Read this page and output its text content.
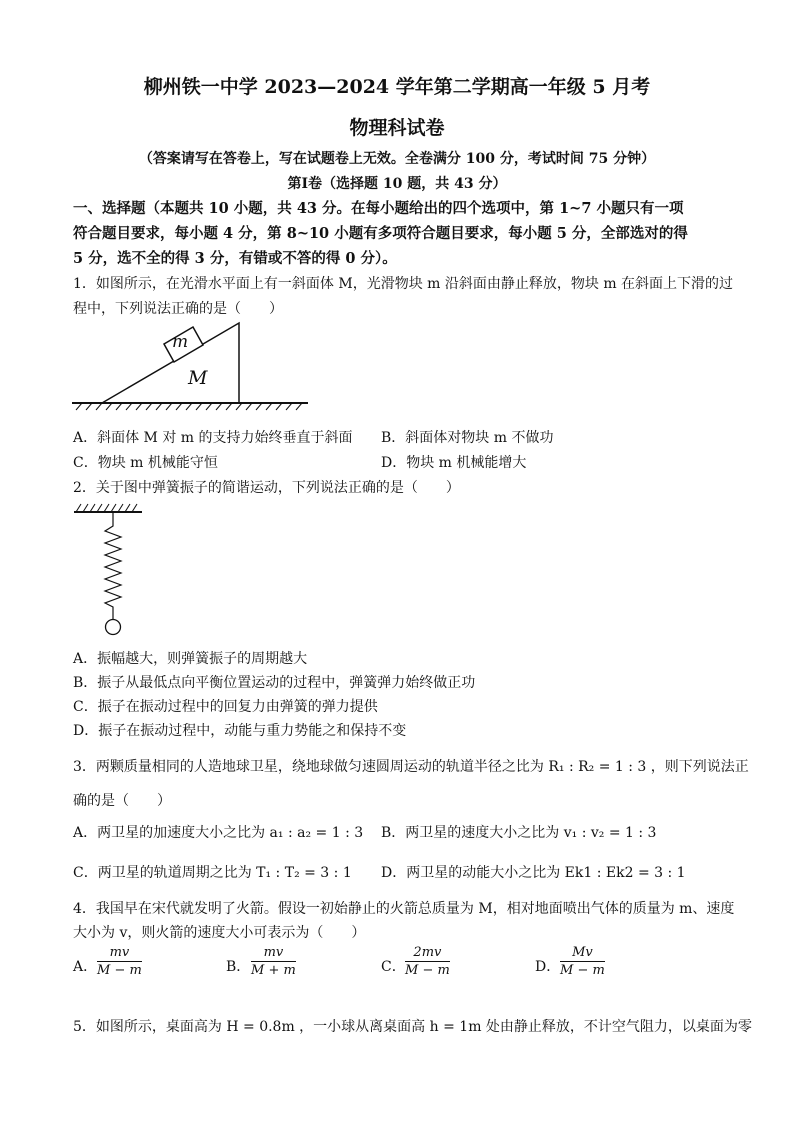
柳州铁一中学 2023—2024 学年第二学期高一年级 5 月考
物理科试卷
（答案请写在答卷上，写在试题卷上无效。全卷满分 100 分，考试时间 75 分钟）
第Ⅰ卷（选择题 10 题，共 43 分）
一、选择题（本题共 10 小题，共 43 分。在每小题给出的四个选项中，第 1~7 小题只有一项
符合题目要求，每小题 4 分，第 8~10 小题有多项符合题目要求，每小题 5 分，全部选对的得
5 分，选不全的得 3 分，有错或不答的得 0 分）。
1．如图所示，在光滑水平面上有一斜面体 M，光滑物块 m 沿斜面由静止释放，物块 m 在斜面上下滑的过
程中，下列说法正确的是（　　）
m
M
A．斜面体 M 对 m 的支持力始终垂直于斜面 B．斜面体对物块 m 不做功
C．物块 m 机械能守恒	D．物块 m 机械能增大
2．关于图中弹簧振子的简谐运动，下列说法正确的是（　　）
A．振幅越大，则弹簧振子的周期越大
B．振子从最低点向平衡位置运动的过程中，弹簧弹力始终做正功
C．振子在振动过程中的回复力由弹簧的弹力提供
D．振子在振动过程中，动能与重力势能之和保持不变
3．两颗质量相同的人造地球卫星，绕地球做匀速圆周运动的轨道半径之比为 R₁ : R₂ = 1 : 3 ，则下列说法正
确的是（　　）
A．两卫星的加速度大小之比为 a₁ : a₂ = 1 : 3 B．两卫星的速度大小之比为 v₁ : v₂ = 1 : 3
C．两卫星的轨道周期之比为 T₁ : T₂ = 3 : 1 D．两卫星的动能大小之比为 Ek1 : Ek2 = 3 : 1
4．我国早在宋代就发明了火箭。假设一初始静止的火箭总质量为 M，相对地面喷出气体的质量为 m、速度
大小为 v，则火箭的速度大小可表示为（　　）
A． $\frac{mv}{M - m}$	B． $\frac{mv}{M + m}$	C． $\frac{2mv}{M - m}$	D． $\frac{Mv}{M - m}$
5．如图所示，桌面高为 H = 0.8m ，一小球从离桌面高 h = 1m 处由静止释放，不计空气阻力，以桌面为零
